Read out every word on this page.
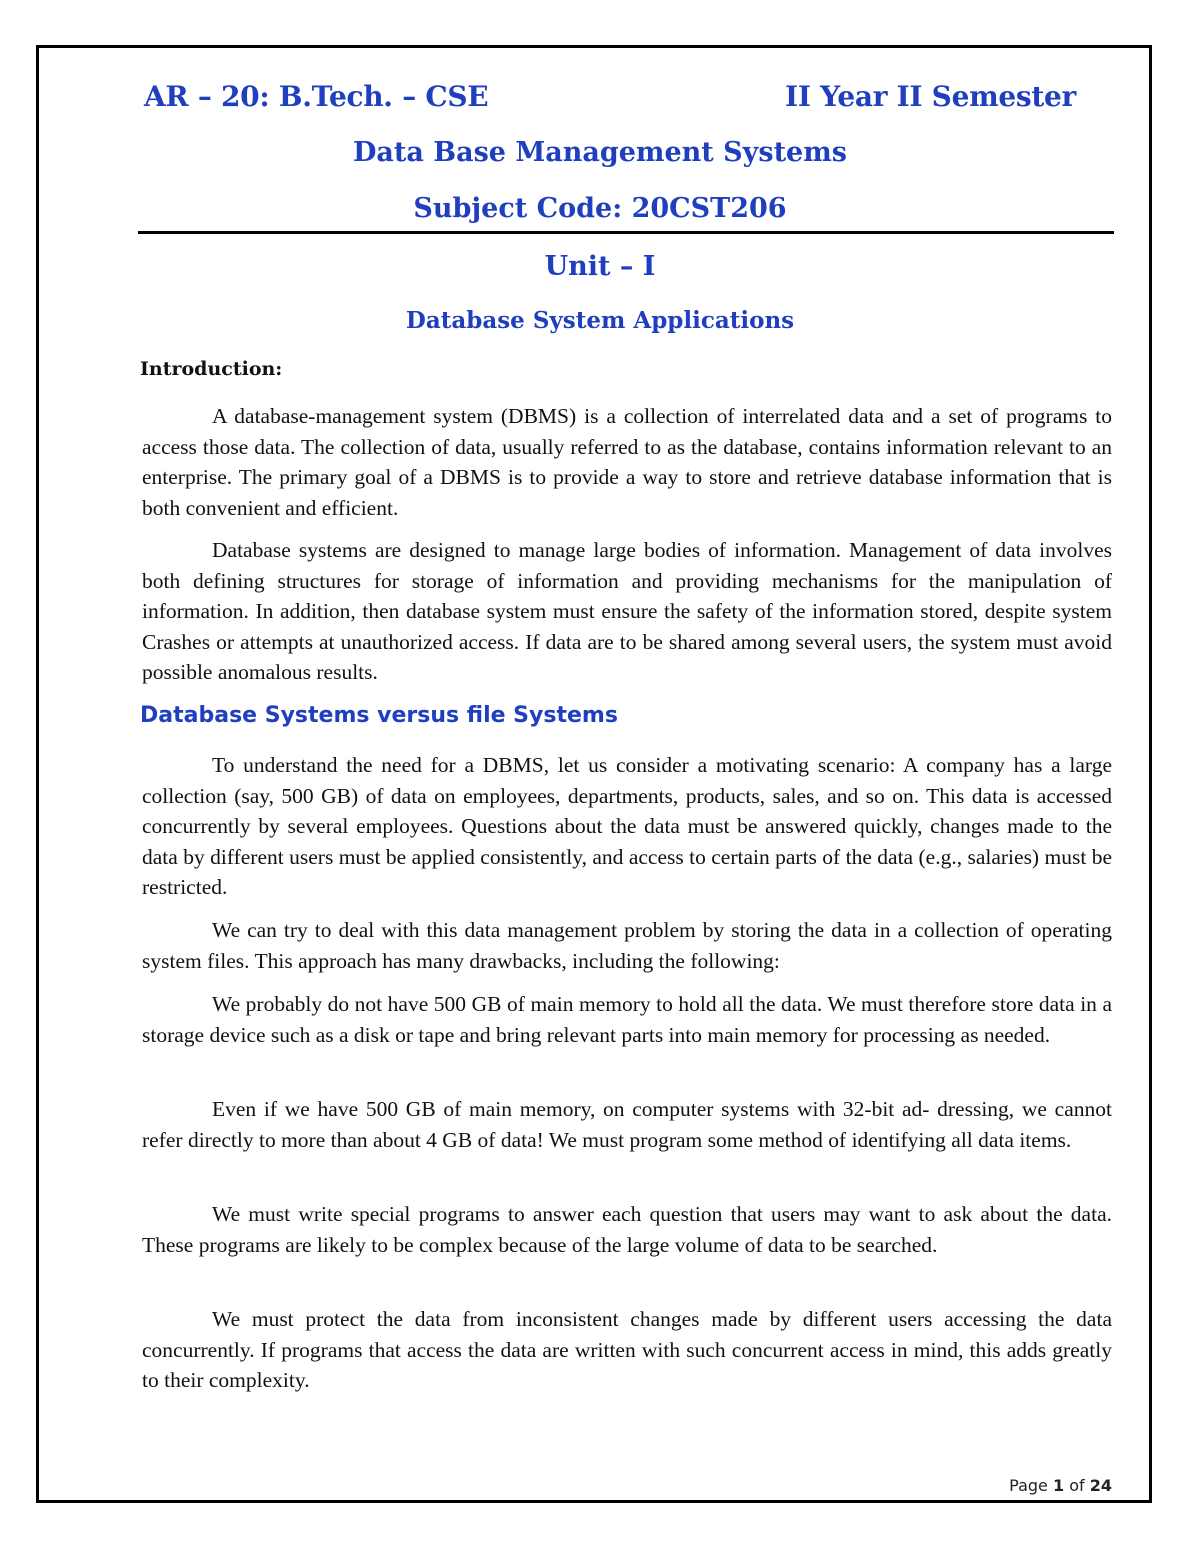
AR – 20: B.Tech. – CSE	II Year II Semester
Data Base Management Systems
Subject Code: 20CST206
Unit – I
Database System Applications
Introduction:

A database-management system (DBMS) is a collection of interrelated data and a set of programs to access those data. The collection of data, usually referred to as the database, contains information relevant to an enterprise. The primary goal of a DBMS is to provide a way to store and retrieve database information that is both convenient and efficient.

Database systems are designed to manage large bodies of information. Management of data involves both defining structures for storage of information and providing mechanisms for the manipulation of information. In addition, then database system must ensure the safety of the information stored, despite system Crashes or attempts at unauthorized access. If data are to be shared among several users, the system must avoid possible anomalous results.

Database Systems versus file Systems

To understand the need for a DBMS, let us consider a motivating scenario: A company has a large collection (say, 500 GB) of data on employees, departments, products, sales, and so on. This data is accessed concurrently by several employees. Questions about the data must be answered quickly, changes made to the data by different users must be applied consistently, and access to certain parts of the data (e.g., salaries) must be restricted.

We can try to deal with this data management problem by storing the data in a collection of operating system files. This approach has many drawbacks, including the following:

We probably do not have 500 GB of main memory to hold all the data. We must therefore store data in a storage device such as a disk or tape and bring relevant parts into main memory for processing as needed.

Even if we have 500 GB of main memory, on computer systems with 32-bit ad- dressing, we cannot refer directly to more than about 4 GB of data! We must program some method of identifying all data items.

We must write special programs to answer each question that users may want to ask about the data. These programs are likely to be complex because of the large volume of data to be searched.

We must protect the data from inconsistent changes made by different users accessing the data concurrently. If programs that access the data are written with such concurrent access in mind, this adds greatly to their complexity.

Page 1 of 24
